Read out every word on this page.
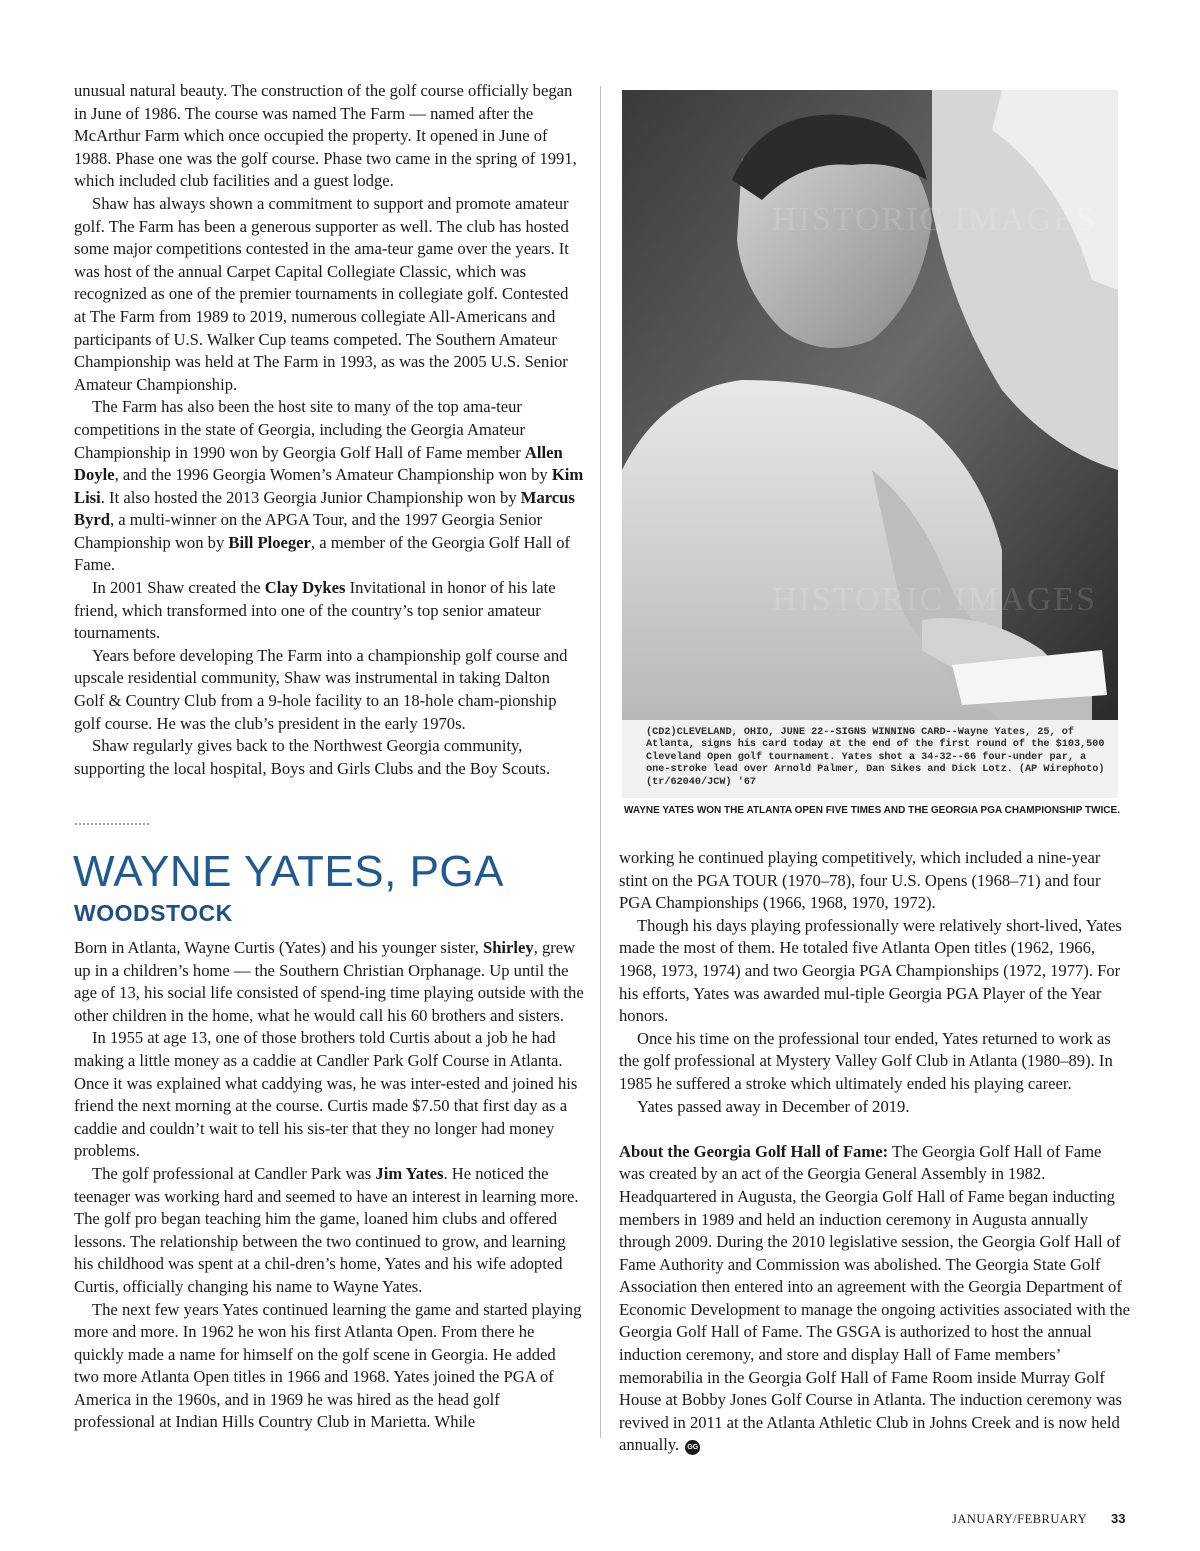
unusual natural beauty. The construction of the golf course officially began in June of 1986. The course was named The Farm — named after the McArthur Farm which once occupied the property. It opened in June of 1988. Phase one was the golf course. Phase two came in the spring of 1991, which included club facilities and a guest lodge.

Shaw has always shown a commitment to support and promote amateur golf. The Farm has been a generous supporter as well. The club has hosted some major competitions contested in the ama-teur game over the years. It was host of the annual Carpet Capital Collegiate Classic, which was recognized as one of the premier tournaments in collegiate golf. Contested at The Farm from 1989 to 2019, numerous collegiate All-Americans and participants of U.S. Walker Cup teams competed. The Southern Amateur Championship was held at The Farm in 1993, as was the 2005 U.S. Senior Amateur Championship.

The Farm has also been the host site to many of the top ama-teur competitions in the state of Georgia, including the Georgia Amateur Championship in 1990 won by Georgia Golf Hall of Fame member Allen Doyle, and the 1996 Georgia Women’s Amateur Championship won by Kim Lisi. It also hosted the 2013 Georgia Junior Championship won by Marcus Byrd, a multi-winner on the APGA Tour, and the 1997 Georgia Senior Championship won by Bill Ploeger, a member of the Georgia Golf Hall of Fame.

In 2001 Shaw created the Clay Dykes Invitational in honor of his late friend, which transformed into one of the country’s top senior amateur tournaments.

Years before developing The Farm into a championship golf course and upscale residential community, Shaw was instrumental in taking Dalton Golf & Country Club from a 9-hole facility to an 18-hole cham-pionship golf course. He was the club’s president in the early 1970s.

Shaw regularly gives back to the Northwest Georgia community, supporting the local hospital, Boys and Girls Clubs and the Boy Scouts.

WAYNE YATES, PGA
WOODSTOCK

Born in Atlanta, Wayne Curtis (Yates) and his younger sister, Shirley, grew up in a children’s home — the Southern Christian Orphanage. Up until the age of 13, his social life consisted of spend-ing time playing outside with the other children in the home, what he would call his 60 brothers and sisters.

In 1955 at age 13, one of those brothers told Curtis about a job he had making a little money as a caddie at Candler Park Golf Course in Atlanta. Once it was explained what caddying was, he was inter-ested and joined his friend the next morning at the course. Curtis made $7.50 that first day as a caddie and couldn’t wait to tell his sis-ter that they no longer had money problems.

The golf professional at Candler Park was Jim Yates. He noticed the teenager was working hard and seemed to have an interest in learning more. The golf pro began teaching him the game, loaned him clubs and offered lessons. The relationship between the two continued to grow, and learning his childhood was spent at a chil-dren’s home, Yates and his wife adopted Curtis, officially changing his name to Wayne Yates.

The next few years Yates continued learning the game and started playing more and more. In 1962 he won his first Atlanta Open. From there he quickly made a name for himself on the golf scene in Georgia. He added two more Atlanta Open titles in 1966 and 1968. Yates joined the PGA of America in the 1960s, and in 1969 he was hired as the head golf professional at Indian Hills Country Club in Marietta. While

HISTORIC IMAGES
HISTORIC IMAGES
(CD2)CLEVELAND, OHIO, JUNE 22--SIGNS WINNING CARD--Wayne Yates, 25, of Atlanta, signs his card today at the end of the first round of the $103,500 Cleveland Open golf tournament. Yates shot a 34-32--66 four-under par, a one-stroke lead over Arnold Palmer, Dan Sikes and Dick Lotz. (AP Wirephoto) (tr/62040/JCW) '67
WAYNE YATES WON THE ATLANTA OPEN FIVE TIMES AND THE GEORGIA PGA CHAMPIONSHIP TWICE.

working he continued playing competitively, which included a nine-year stint on the PGA TOUR (1970–78), four U.S. Opens (1968–71) and four PGA Championships (1966, 1968, 1970, 1972).

Though his days playing professionally were relatively short-lived, Yates made the most of them. He totaled five Atlanta Open titles (1962, 1966, 1968, 1973, 1974) and two Georgia PGA Championships (1972, 1977). For his efforts, Yates was awarded mul-tiple Georgia PGA Player of the Year honors.

Once his time on the professional tour ended, Yates returned to work as the golf professional at Mystery Valley Golf Club in Atlanta (1980–89). In 1985 he suffered a stroke which ultimately ended his playing career.

Yates passed away in December of 2019.

About the Georgia Golf Hall of Fame: The Georgia Golf Hall of Fame was created by an act of the Georgia General Assembly in 1982. Headquartered in Augusta, the Georgia Golf Hall of Fame began inducting members in 1989 and held an induction ceremony in Augusta annually through 2009. During the 2010 legislative session, the Georgia Golf Hall of Fame Authority and Commission was abolished. The Georgia State Golf Association then entered into an agreement with the Georgia Department of Economic Development to manage the ongoing activities associated with the Georgia Golf Hall of Fame. The GSGA is authorized to host the annual induction ceremony, and store and display Hall of Fame members’ memorabilia in the Georgia Golf Hall of Fame Room inside Murray Golf House at Bobby Jones Golf Course in Atlanta. The induction ceremony was revived in 2011 at the Atlanta Athletic Club in Johns Creek and is now held annually. GG

JANUARY/FEBRUARY 33
